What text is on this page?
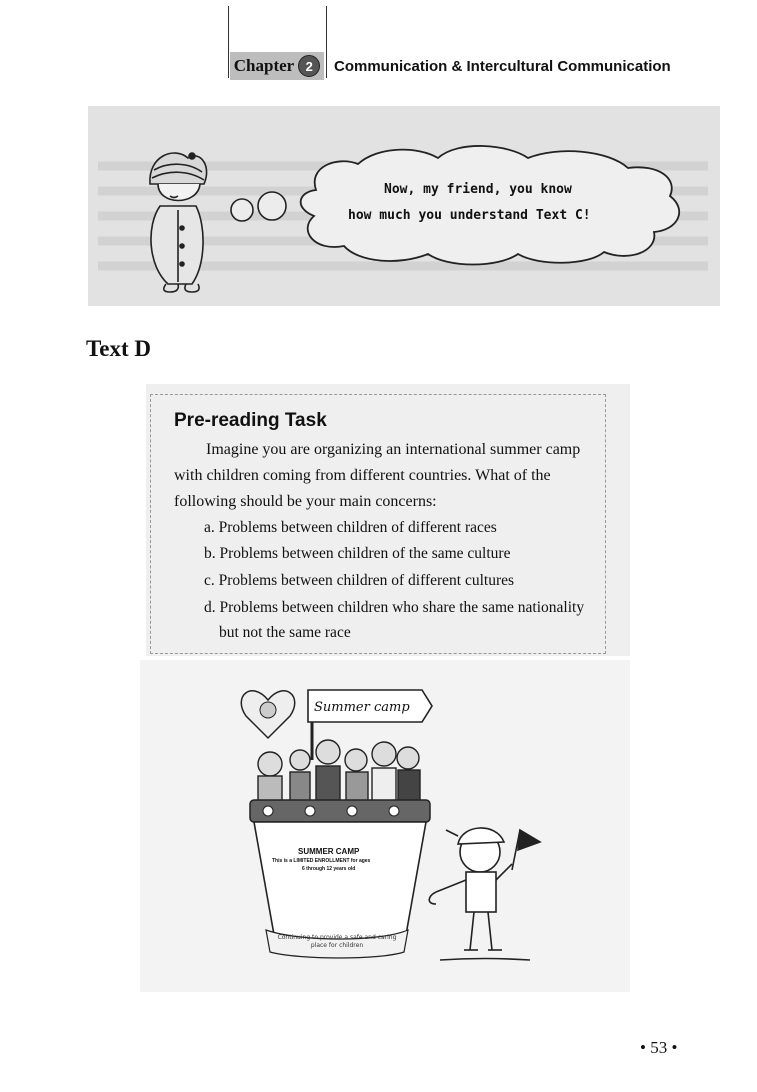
Chapter 2	Communication & Intercultural Communication
Now, my friend, you know
how much you understand Text C!
Text D
Pre-reading Task
Imagine you are organizing an international summer camp with children coming from different countries. What of the following should be your main concerns:
a. Problems between children of different races
b. Problems between children of the same culture
c. Problems between children of different cultures
d. Problems between children who share the same nationality
but not the same race
Summer camp
SUMMER CAMP
This is a LIMITED ENROLLMENT for ages
6 through 12 years old
Continuing to provide a safe and caring place for children
• 53 •
